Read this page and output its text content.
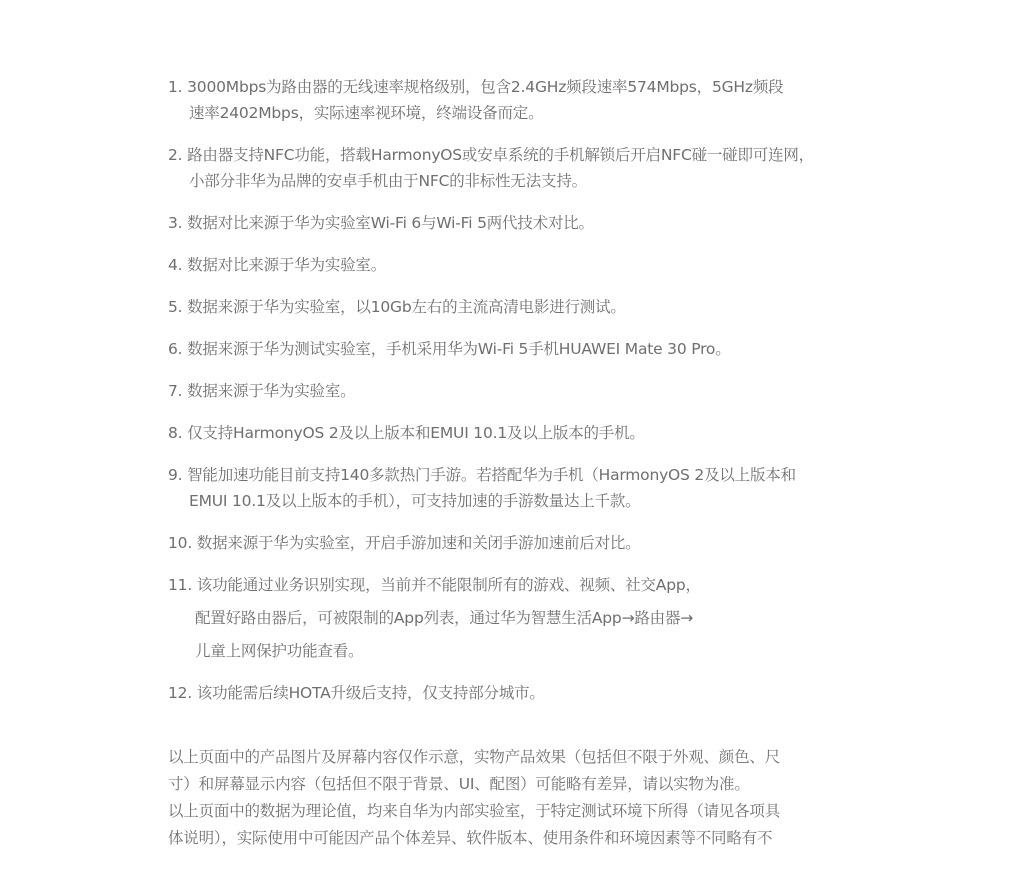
1. 3000Mbps为路由器的无线速率规格级别，包含2.4GHz频段速率574Mbps，5GHz频段
速率2402Mbps，实际速率视环境，终端设备而定。
2. 路由器支持NFC功能，搭载HarmonyOS或安卓系统的手机解锁后开启NFC碰一碰即可连网，
小部分非华为品牌的安卓手机由于NFC的非标性无法支持。
3. 数据对比来源于华为实验室Wi-Fi 6与Wi-Fi 5两代技术对比。
4. 数据对比来源于华为实验室。
5. 数据来源于华为实验室，以10Gb左右的主流高清电影进行测试。
6. 数据来源于华为测试实验室，手机采用华为Wi-Fi 5手机HUAWEI Mate 30 Pro。
7. 数据来源于华为实验室。
8. 仅支持HarmonyOS 2及以上版本和EMUI 10.1及以上版本的手机。
9. 智能加速功能目前支持140多款热门手游。若搭配华为手机（HarmonyOS 2及以上版本和
EMUI 10.1及以上版本的手机），可支持加速的手游数量达上千款。
10. 数据来源于华为实验室，开启手游加速和关闭手游加速前后对比。
11. 该功能通过业务识别实现，当前并不能限制所有的游戏、视频、社交App，
配置好路由器后，可被限制的App列表，通过华为智慧生活App→路由器→
儿童上网保护功能查看。
12. 该功能需后续HOTA升级后支持，仅支持部分城市。

以上页面中的产品图片及屏幕内容仅作示意，实物产品效果（包括但不限于外观、颜色、尺

寸）和屏幕显示内容（包括但不限于背景、UI、配图）可能略有差异，请以实物为准。

以上页面中的数据为理论值，均来自华为内部实验室，于特定测试环境下所得（请见各项具

体说明），实际使用中可能因产品个体差异、软件版本、使用条件和环境因素等不同略有不
